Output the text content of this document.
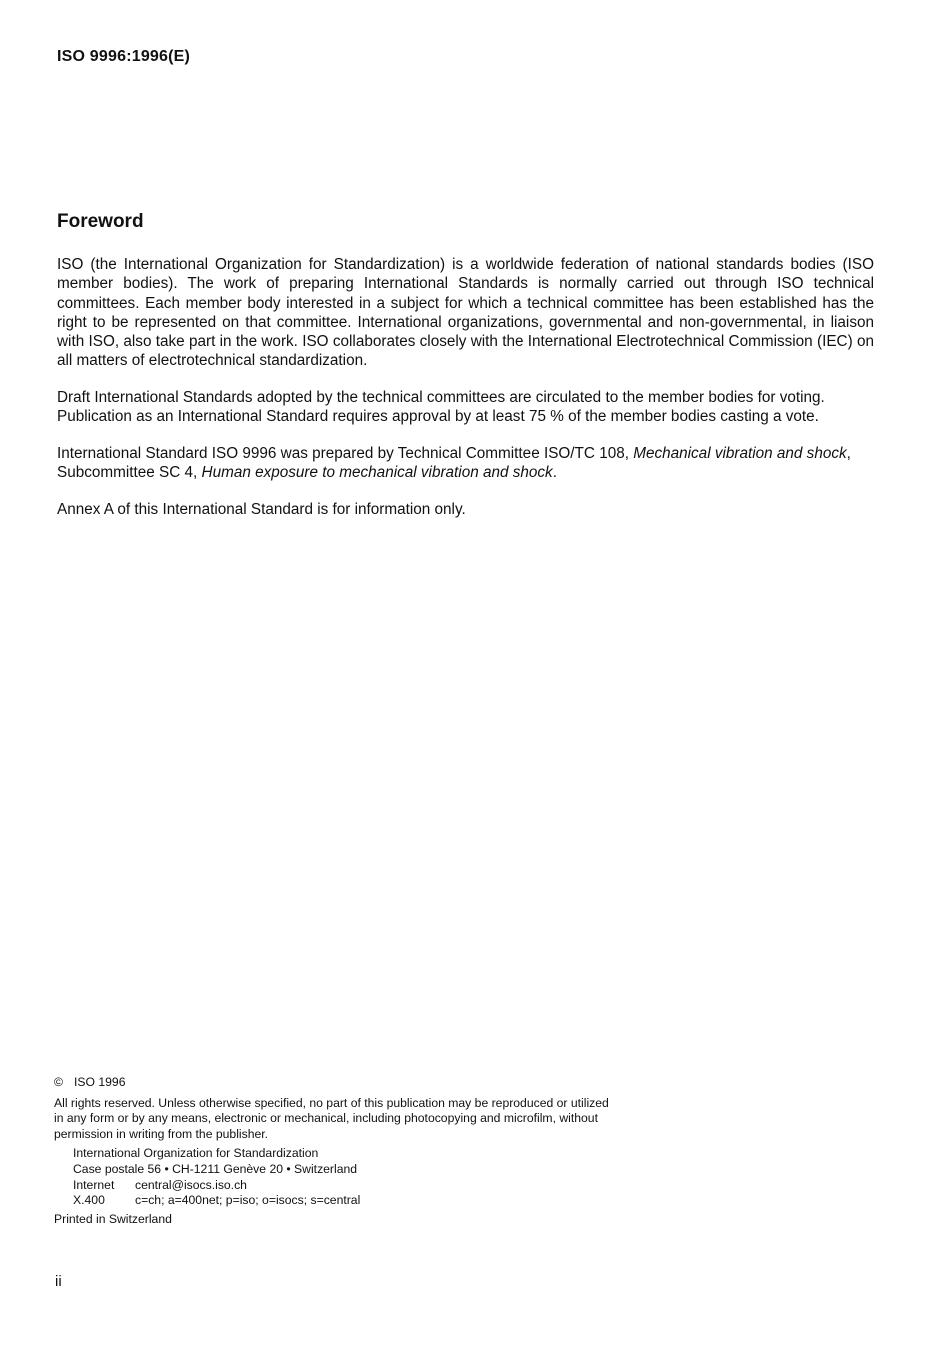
ISO 9996:1996(E)
Foreword
ISO (the International Organization for Standardization) is a worldwide federation of national standards bodies (ISO member bodies). The work of preparing International Standards is normally carried out through ISO technical committees. Each member body interested in a subject for which a technical committee has been established has the right to be represented on that committee. International organizations, governmental and non-governmental, in liaison with ISO, also take part in the work. ISO collaborates closely with the International Electrotechnical Commission (IEC) on all matters of electrotechnical standardization.
Draft International Standards adopted by the technical committees are circulated to the member bodies for voting. Publication as an International Standard requires approval by at least 75 % of the member bodies casting a vote.
International Standard ISO 9996 was prepared by Technical Committee ISO/TC 108, Mechanical vibration and shock, Subcommittee SC 4, Human exposure to mechanical vibration and shock.
Annex A of this International Standard is for information only.
© ISO 1996
All rights reserved. Unless otherwise specified, no part of this publication may be reproduced or utilized in any form or by any means, electronic or mechanical, including photocopying and microfilm, without permission in writing from the publisher.
International Organization for Standardization
Case postale 56 • CH-1211 Genève 20 • Switzerland
Internet central@isocs.iso.ch
X.400 c=ch; a=400net; p=iso; o=isocs; s=central
Printed in Switzerland
ii
